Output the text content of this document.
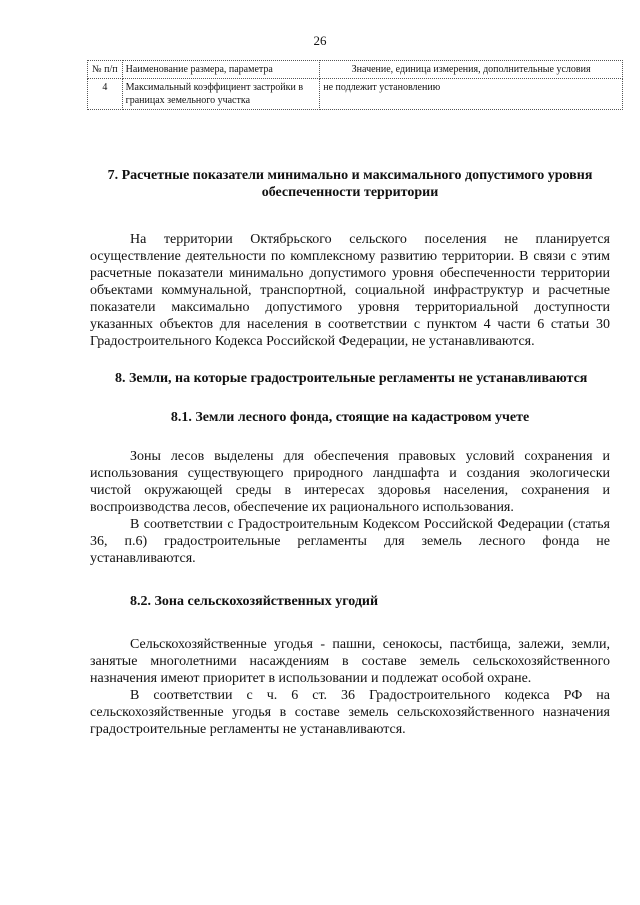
26
№ п/п	Наименование размера, параметра	Значение, единица измерения, дополнительные условия
4	Максимальный коэффициент застройки в границах земельного участка	не подлежит установлению

7. Расчетные показатели минимально и максимального допустимого уровня обеспеченности территории

На территории Октябрьского сельского поселения не планируется осуществление деятельности по комплексному развитию территории. В связи с этим расчетные показатели минимально допустимого уровня обеспеченности территории объектами коммунальной, транспортной, социальной инфраструктур и расчетные показатели максимально допустимого уровня территориальной доступности указанных объектов для населения в соответствии с пунктом 4 части 6 статьи 30 Градостроительного Кодекса Российской Федерации, не устанавливаются.

8. Земли, на которые градостроительные регламенты не устанавливаются

8.1. Земли лесного фонда, стоящие на кадастровом учете

Зоны лесов выделены для обеспечения правовых условий сохранения и использования существующего природного ландшафта и создания экологически чистой окружающей среды в интересах здоровья населения, сохранения и воспроизводства лесов, обеспечение их рационального использования.

В соответствии с Градостроительным Кодексом Российской Федерации (статья 36, п.6) градостроительные регламенты для земель лесного фонда не устанавливаются.

8.2. Зона сельскохозяйственных угодий

Сельскохозяйственные угодья - пашни, сенокосы, пастбища, залежи, земли, занятые многолетними насаждениям в составе земель сельскохозяйственного назначения имеют приоритет в использовании и подлежат особой охране.

В соответствии с ч. 6 ст. 36 Градостроительного кодекса РФ на сельскохозяйственные угодья в составе земель сельскохозяйственного назначения градостроительные регламенты не устанавливаются.
